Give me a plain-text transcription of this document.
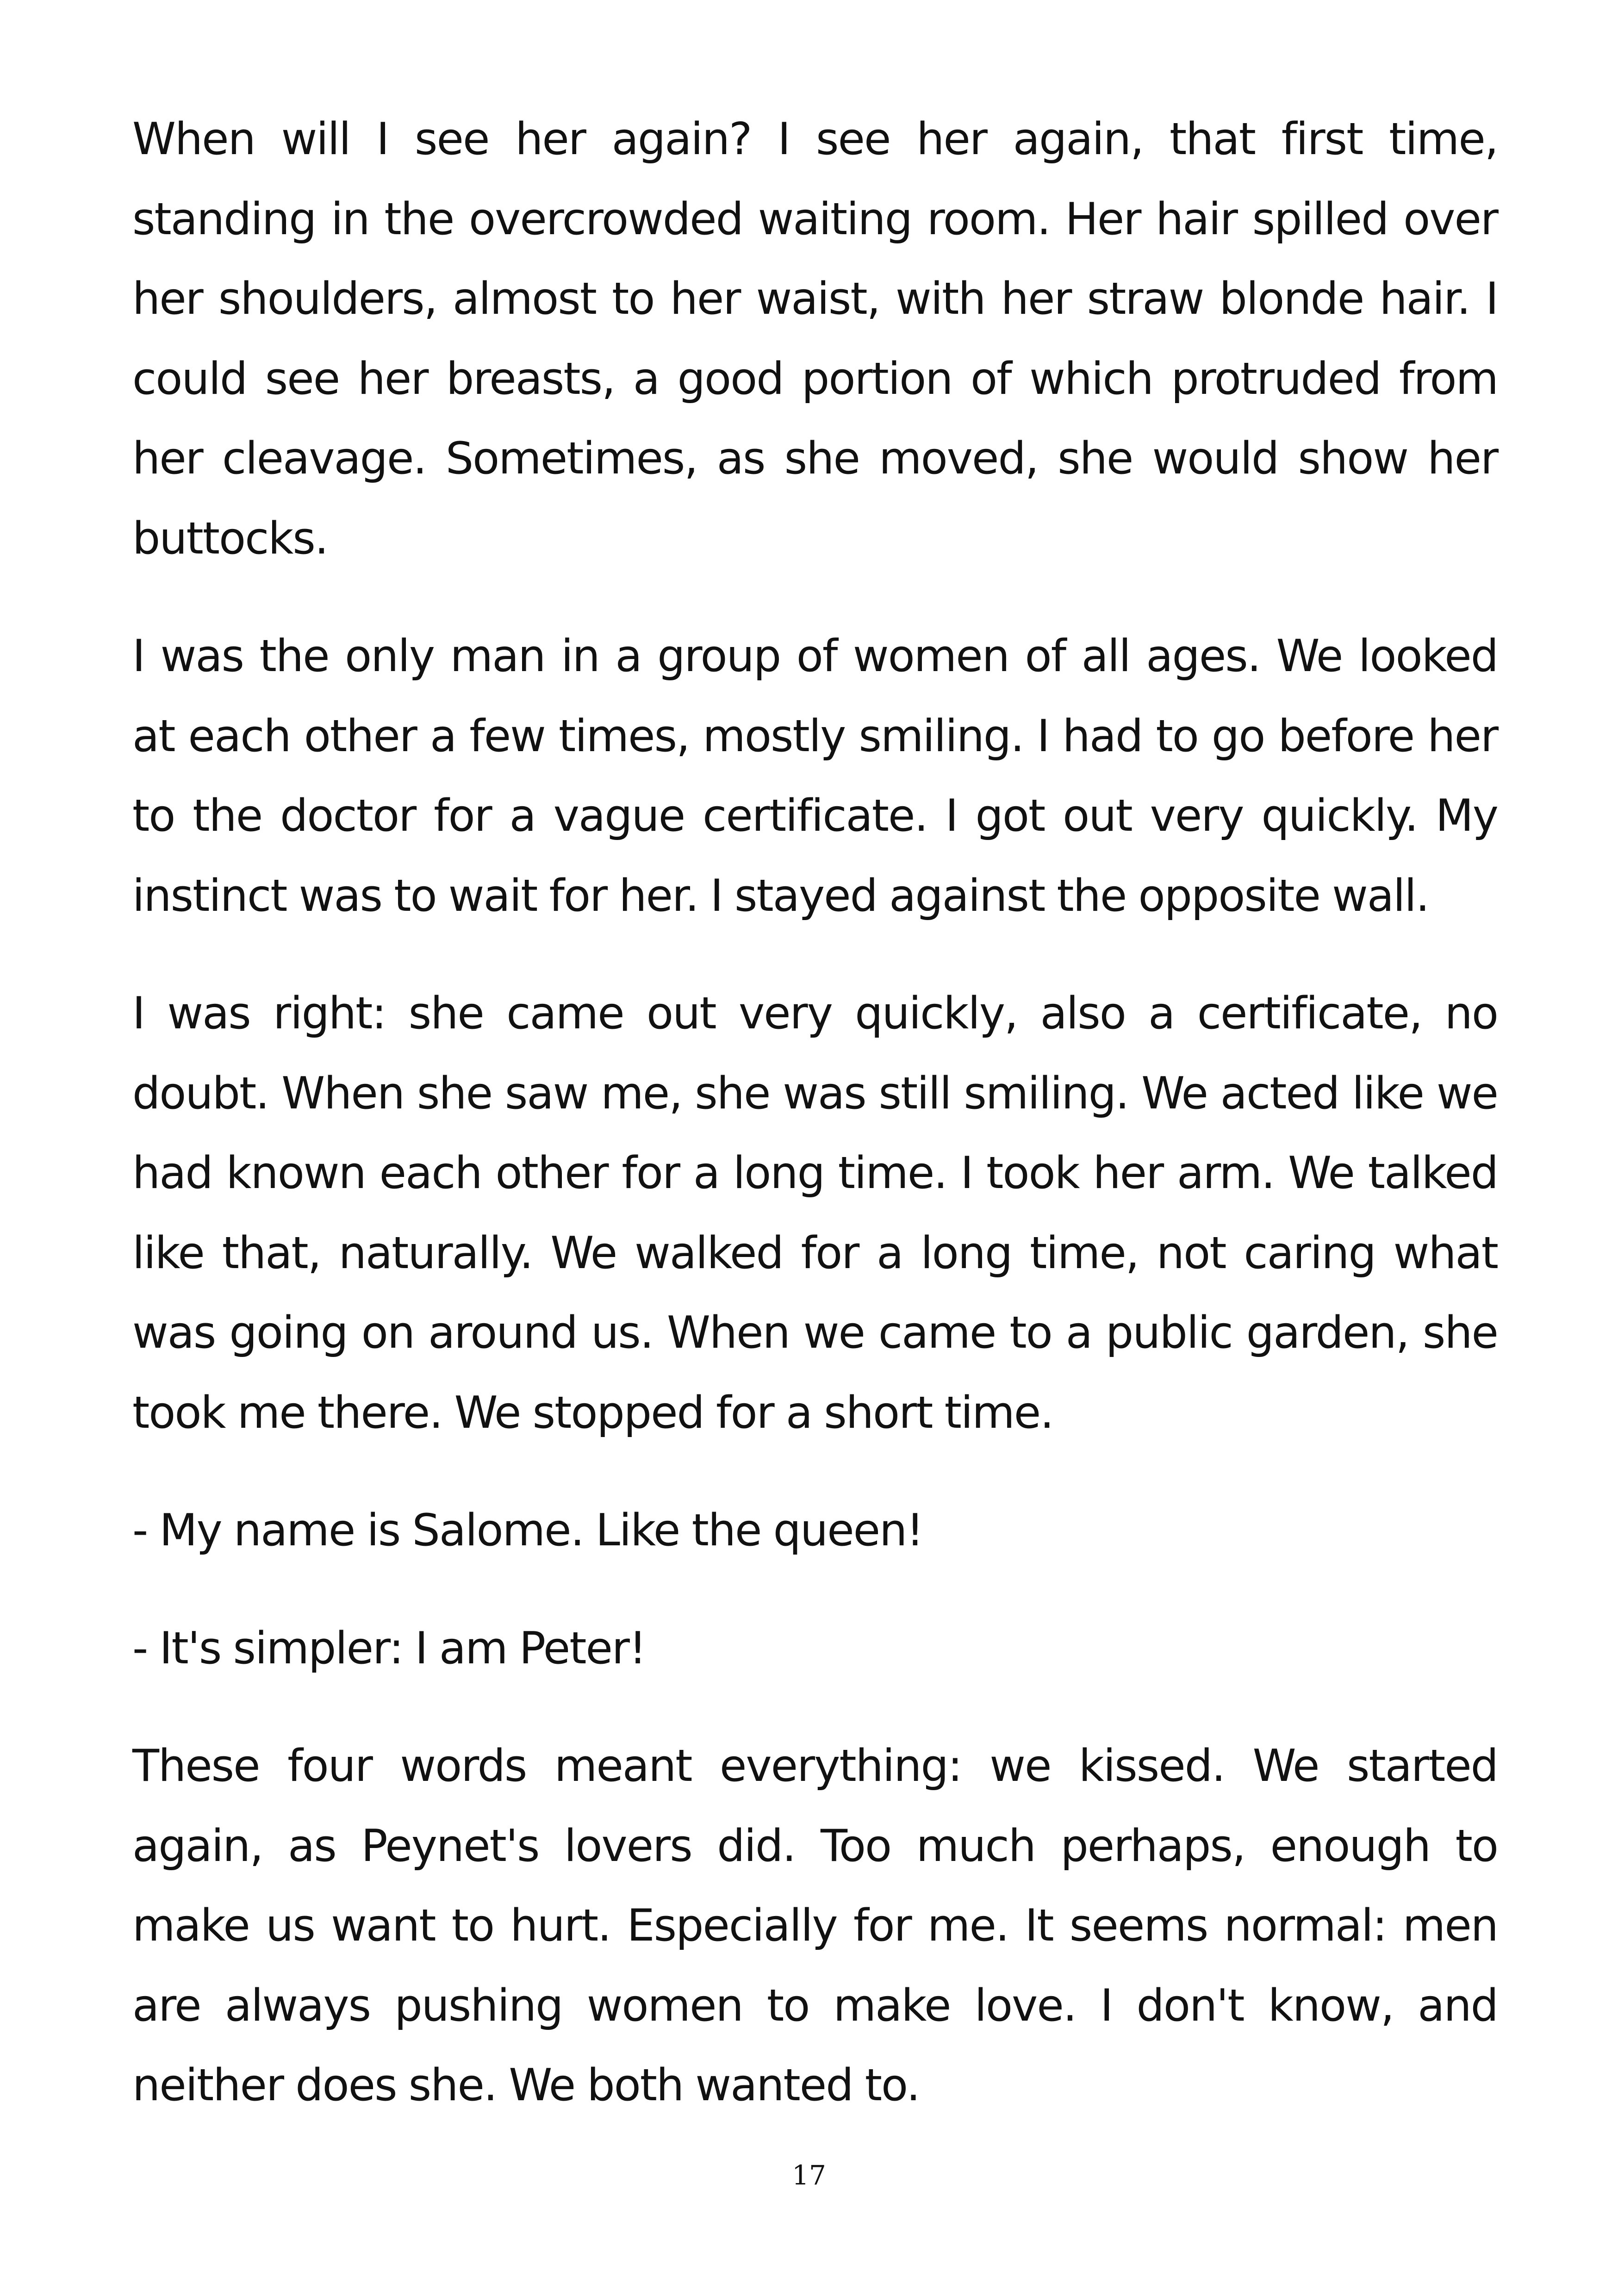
When will I see her again? I see her again, that first time, standing in the overcrowded waiting room. Her hair spilled over her shoulders, almost to her waist, with her straw blonde hair. I could see her breasts, a good portion of which protruded from her cleavage. Sometimes, as she moved, she would show her buttocks.

I was the only man in a group of women of all ages. We looked at each other a few times, mostly smiling. I had to go before her to the doctor for a vague certificate. I got out very quickly. My instinct was to wait for her. I stayed against the opposite wall.

I was right: she came out very quickly, also a certificate, no doubt. When she saw me, she was still smiling. We acted like we had known each other for a long time. I took her arm. We talked like that, naturally. We walked for a long time, not caring what was going on around us. When we came to a public garden, she took me there. We stopped for a short time.

- My name is Salome. Like the queen!

- It's simpler: I am Peter!

These four words meant everything: we kissed. We started again, as Peynet's lovers did. Too much perhaps, enough to make us want to hurt. Especially for me. It seems normal: men are always pushing women to make love. I don't know, and neither does she. We both wanted to.

17
